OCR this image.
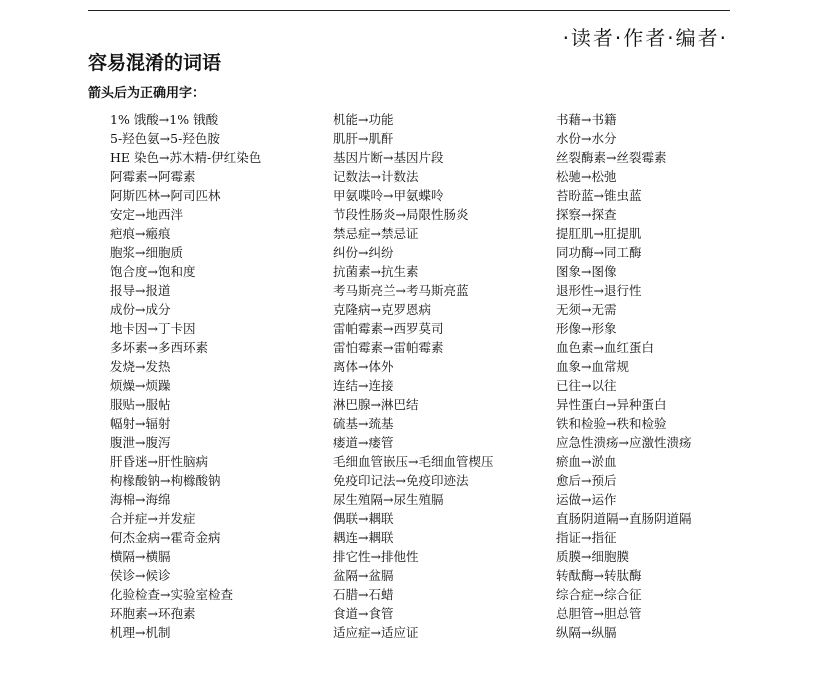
·读者·作者·编者·
容易混淆的词语
箭头后为正确用字：
1% 饿酸→1% 锇酸
5-羟色氨→5-羟色胺
HE 染色→苏木精-伊红染色
阿霉素→阿霉素
阿斯匹林→阿司匹林
安定→地西泮
疤痕→瘢痕
胞浆→细胞质
饱合度→饱和度
报导→报道
成份→成分
地卡因→丁卡因
多坏素→多西环素
发烧→发热
烦燥→烦躁
服贴→服帖
幅射→辐射
腹泄→腹泻
肝昏迷→肝性脑病
枸椽酸钠→枸橼酸钠
海棉→海绵
合并症→并发症
何杰金病→霍奇金病
横隔→横膈
侯诊→候诊
化验检查→实验室检查
环胞素→环孢素
机理→机制
机能→功能
肌肝→肌酐
基因片断→基因片段
记数法→计数法
甲氨喋呤→甲氨蝶呤
节段性肠炎→局限性肠炎
禁忌症→禁忌证
纠份→纠纷
抗菌素→抗生素
考马斯亮兰→考马斯亮蓝
克隆病→克罗恩病
雷帕霉素→西罗莫司
雷怕霉素→雷帕霉素
离体→体外
连结→连接
淋巴腺→淋巴结
硫基→巯基
瘘道→瘘管
毛细血管嵌压→毛细血管楔压
免疫印记法→免疫印迹法
尿生殖隔→尿生殖膈
偶联→耦联
耦连→耦联
排它性→排他性
盆隔→盆膈
石腊→石蜡
食道→食管
适应症→适应证
书藉→书籍
水份→水分
丝裂酶素→丝裂霉素
松驰→松弛
苔盼蓝→锥虫蓝
探察→探查
提肛肌→肛提肌
同功酶→同工酶
图象→图像
退形性→退行性
无须→无需
形像→形象
血色素→血红蛋白
血象→血常规
已往→以往
异性蛋白→异种蛋白
铁和检验→秩和检验
应急性溃疡→应激性溃疡
瘀血→淤血
愈后→预后
运做→运作
直肠阴道隔→直肠阴道隔
指证→指征
质膜→细胞膜
转酞酶→转肽酶
综合症→综合征
总胆管→胆总管
纵隔→纵膈
